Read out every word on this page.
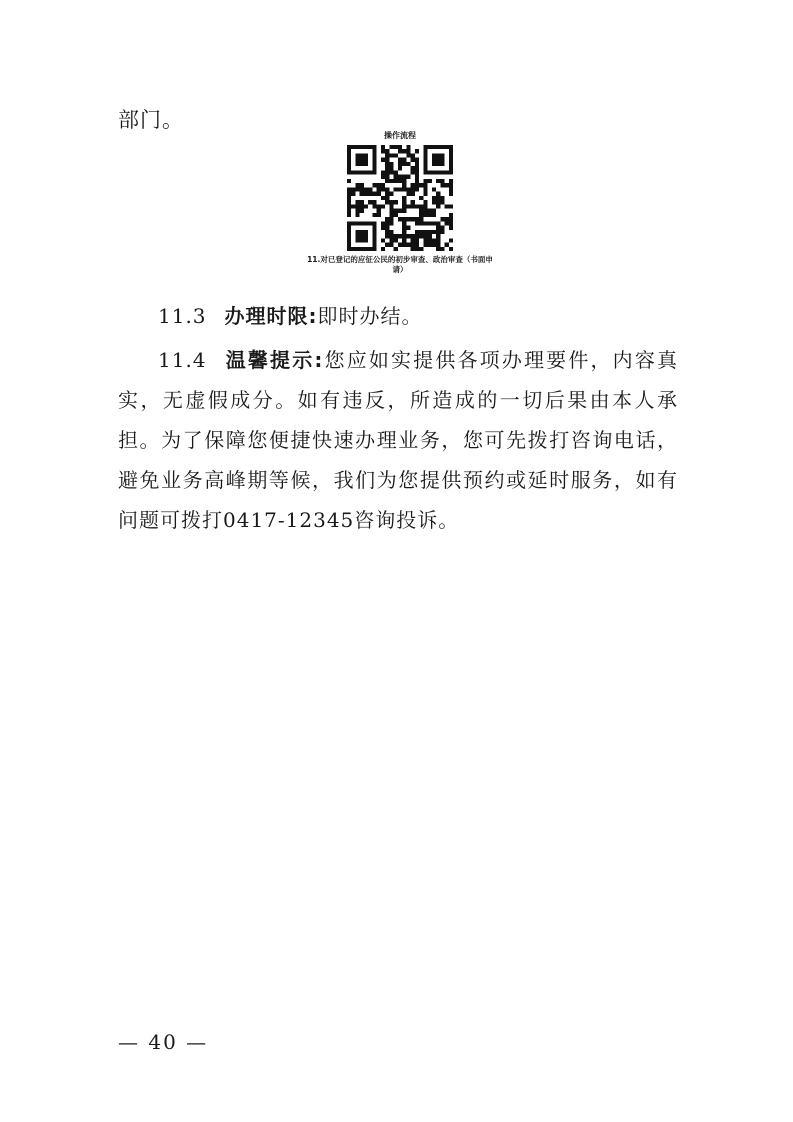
部门。
操作流程
11.对已登记的应征公民的初步审查、政治审查（书面申请）
11.3 办理时限:即时办结。
11.4 温馨提示:您应如实提供各项办理要件，内容真实，无虚假成分。如有违反，所造成的一切后果由本人承担。为了保障您便捷快速办理业务，您可先拨打咨询电话，避免业务高峰期等候，我们为您提供预约或延时服务，如有问题可拨打0417-12345咨询投诉。
— 40 —
